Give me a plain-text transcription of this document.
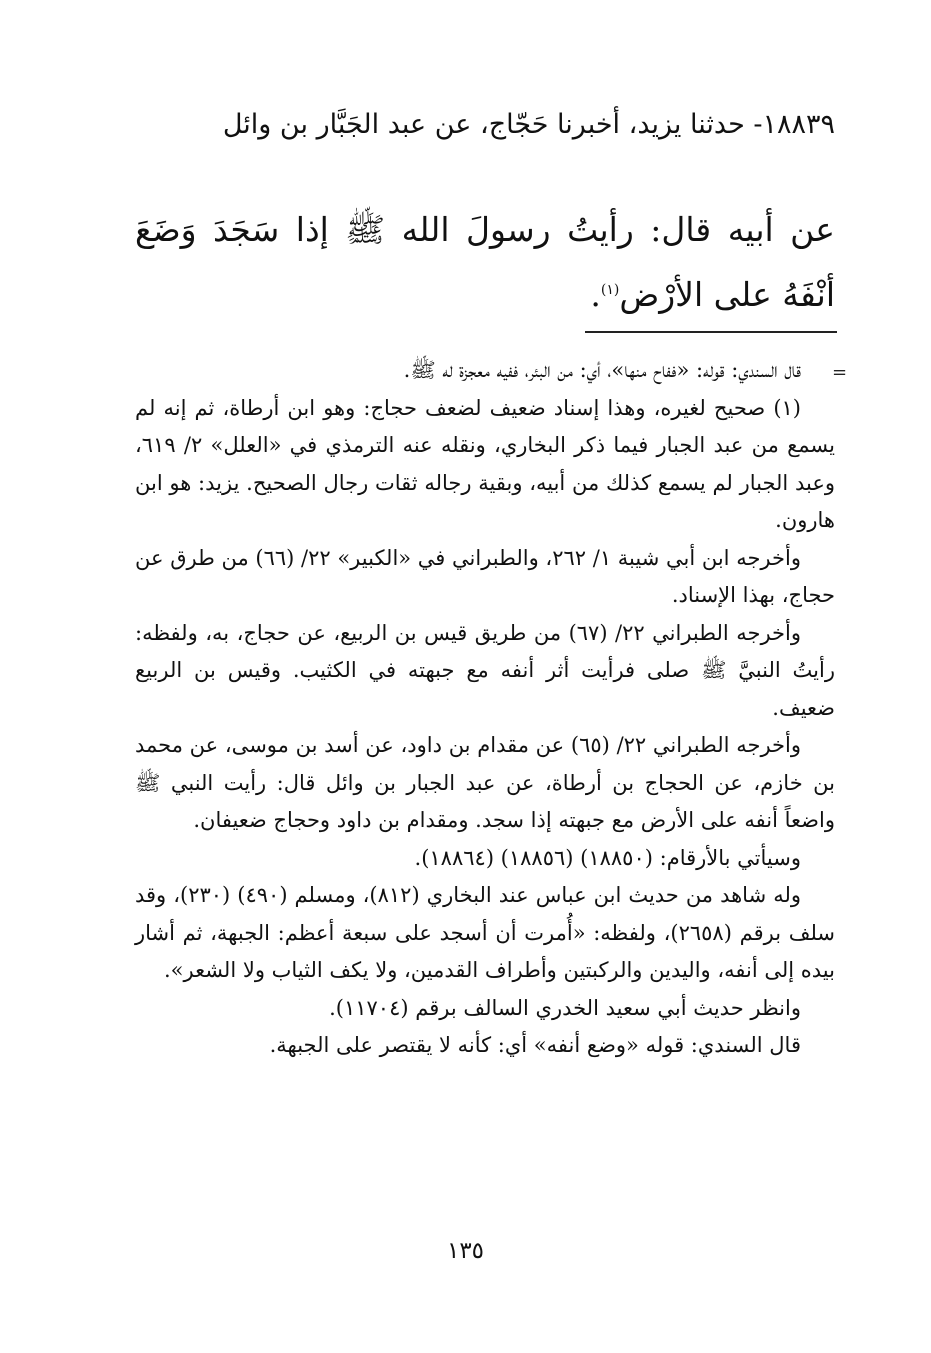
١٨٨٣٩- حدثنا يزيد، أخبرنا حَجّاج، عن عبد الجَبَّار بن وائل
عن أبيه قال: رأيتُ رسولَ الله ﷺ إذا سَجَدَ وَضَعَ أنْفَهُ على الأرْض$^{(١)}$.
=

قال السندي: قوله: «ففاح منها»، أي: من البئر، ففيه معجزة له ﷺ.

(١) صحيح لغيره، وهذا إسناد ضعيف لضعف حجاج: وهو ابن أرطاة، ثم إنه لم يسمع من عبد الجبار فيما ذكر البخاري، ونقله عنه الترمذي في «العلل» ٢/ ٦١٩، وعبد الجبار لم يسمع كذلك من أبيه، وبقية رجاله ثقات رجال الصحيح. يزيد: هو ابن هارون.

وأخرجه ابن أبي شيبة ١/ ٢٦٢، والطبراني في «الكبير» ٢٢/ (٦٦) من طرق عن حجاج، بهذا الإسناد.

وأخرجه الطبراني ٢٢/ (٦٧) من طريق قيس بن الربيع، عن حجاج، به، ولفظه: رأيتُ النبيَّ ﷺ صلى فرأيت أثر أنفه مع جبهته في الكثيب. وقيس بن الربيع ضعيف.

وأخرجه الطبراني ٢٢/ (٦٥) عن مقدام بن داود، عن أسد بن موسى، عن محمد بن خازم، عن الحجاج بن أرطاة، عن عبد الجبار بن وائل قال: رأيت النبي ﷺ واضعاً أنفه على الأرض مع جبهته إذا سجد. ومقدام بن داود وحجاج ضعيفان.

وسيأتي بالأرقام: (١٨٨٥٠) (١٨٨٥٦) (١٨٨٦٤).

وله شاهد من حديث ابن عباس عند البخاري (٨١٢)، ومسلم (٤٩٠) (٢٣٠)، وقد سلف برقم (٢٦٥٨)، ولفظه: «أُمرت أن أسجد على سبعة أعظم: الجبهة، ثم أشار بيده إلى أنفه، واليدين والركبتين وأطراف القدمين، ولا يكف الثياب ولا الشعر».

وانظر حديث أبي سعيد الخدري السالف برقم (١١٧٠٤).

قال السندي: قوله «وضع أنفه» أي: كأنه لا يقتصر على الجبهة.

١٣٥
